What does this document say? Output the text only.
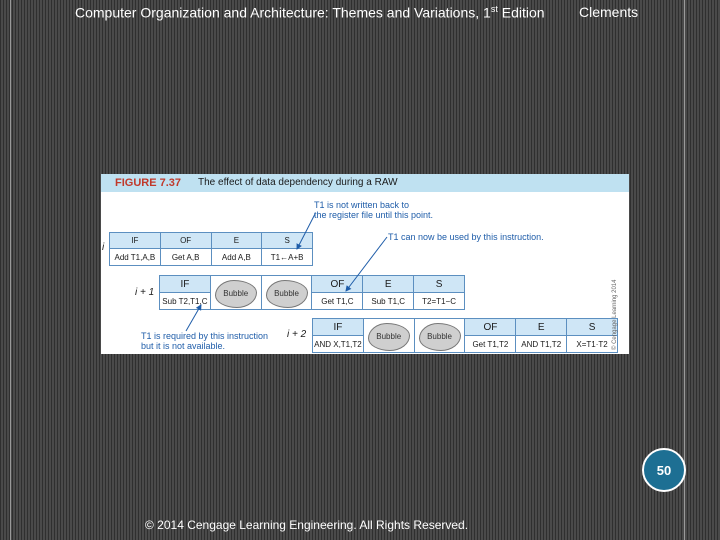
Computer Organization and Architecture: Themes and Variations, 1st Edition Clements
FIGURE 7.37 The effect of data dependency during a RAW
T1 is not written back to
the register file until this point.
T1 can now be used by this instruction.
T1 is required by this instruction
but it is not available.
i
i + 1
i + 2
IF	OF	E	S
Add T1,A,B	Get A,B	Add A,B	T1←A+B
IF	Bubble	Bubble	OF	E	S
Sub T2,T1,C			Get T1,C	Sub T1,C	T2=T1−C
IF	Bubble	Bubble	OF	E	S
AND X,T1,T2			Get T1,T2	AND T1,T2	X=T1·T2 © Cengage Learning 2014
50
© 2014 Cengage Learning Engineering. All Rights Reserved.
